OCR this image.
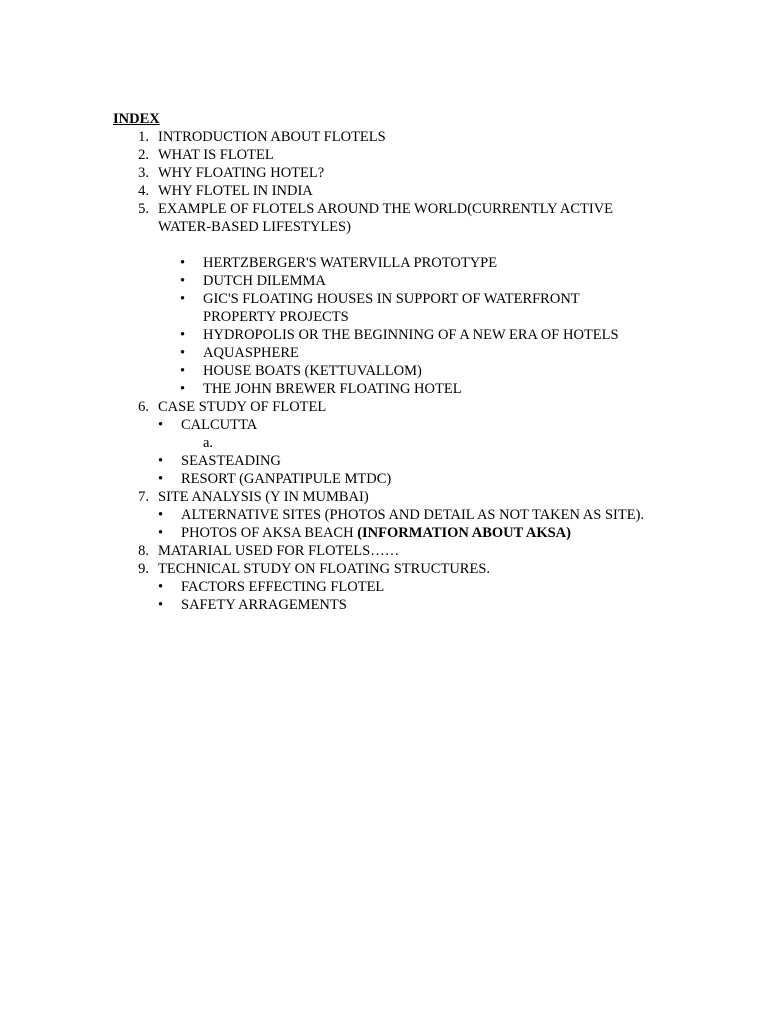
INDEX
1. INTRODUCTION ABOUT FLOTELS
2. WHAT IS FLOTEL
3. WHY FLOATING HOTEL?
4. WHY FLOTEL IN INDIA
5. EXAMPLE OF FLOTELS AROUND THE WORLD(CURRENTLY ACTIVE WATER-BASED LIFESTYLES)
• HERTZBERGER'S WATERVILLA PROTOTYPE
• DUTCH DILEMMA
• GIC'S FLOATING HOUSES IN SUPPORT OF WATERFRONT PROPERTY PROJECTS
• HYDROPOLIS OR THE BEGINNING OF A NEW ERA OF HOTELS
• AQUASPHERE
• HOUSE BOATS (KETTUVALLOM)
• THE JOHN BREWER FLOATING HOTEL
6. CASE STUDY OF FLOTEL
• CALCUTTA
a.
• SEASTEADING
• RESORT (GANPATIPULE MTDC)
7. SITE ANALYSIS (Y IN MUMBAI)
• ALTERNATIVE SITES (PHOTOS AND DETAIL AS NOT TAKEN AS SITE).
• PHOTOS OF AKSA BEACH (INFORMATION ABOUT AKSA)
8. MATARIAL USED FOR FLOTELS……
9. TECHNICAL STUDY ON FLOATING STRUCTURES.
• FACTORS EFFECTING FLOTEL
• SAFETY ARRAGEMENTS
